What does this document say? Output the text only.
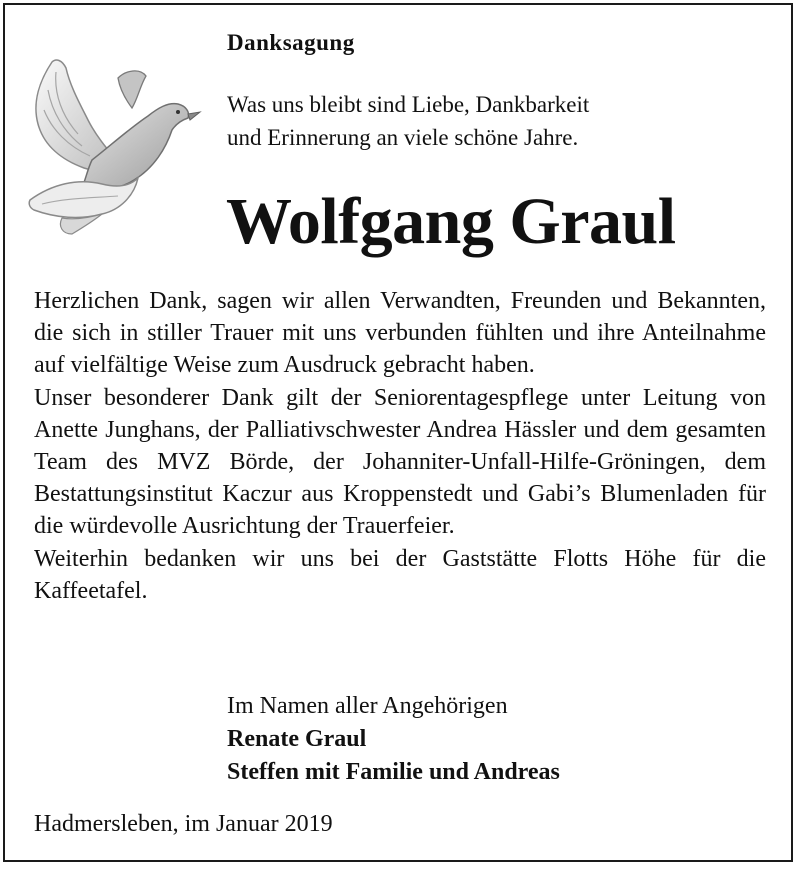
Danksagung
Was uns bleibt sind Liebe, Dankbarkeit
und Erinnerung an viele schöne Jahre.
Wolfgang Graul

Herzlichen Dank, sagen wir allen Verwandten, Freunden und Bekannten, die sich in stiller Trauer mit uns verbunden fühlten und ihre Anteilnahme auf vielfältige Weise zum Ausdruck gebracht haben.

Unser besonderer Dank gilt der Seniorentagespflege unter Leitung von Anette Junghans, der Palliativschwester Andrea Hässler und dem gesamten Team des MVZ Börde, der Johanniter-Unfall-Hilfe-Gröningen, dem Bestattungsinstitut Kaczur aus Kroppenstedt und Gabi’s Blumenladen für die würdevolle Ausrichtung der Trauerfeier.

Weiterhin bedanken wir uns bei der Gaststätte Flotts Höhe für die Kaffeetafel.

Im Namen aller Angehörigen
Renate Graul
Steffen mit Familie und Andreas
Hadmersleben, im Januar 2019
